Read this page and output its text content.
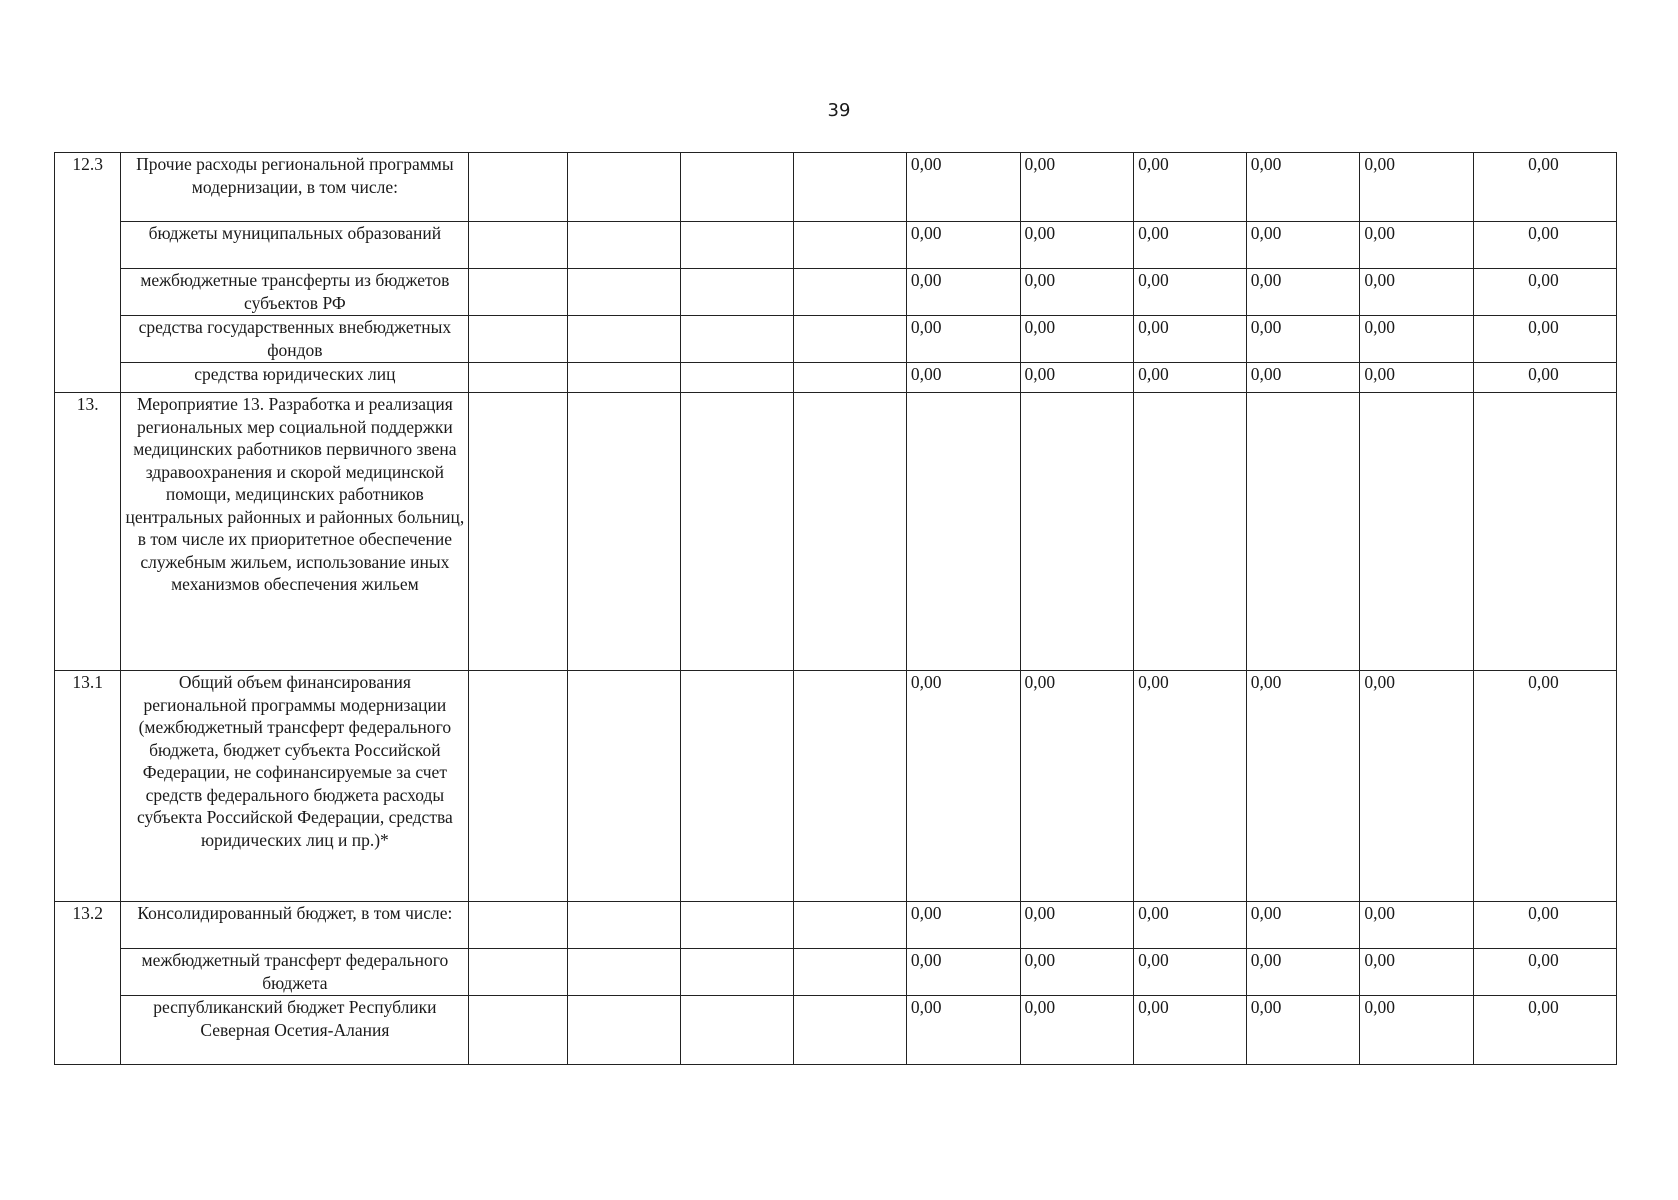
39
12.3	Прочие расходы региональной программы модернизации, в том числе:					0,00	0,00	0,00	0,00	0,00	0,00
	бюджеты муниципальных образований					0,00	0,00	0,00	0,00	0,00	0,00
	межбюджетные трансферты из бюджетов субъектов РФ					0,00	0,00	0,00	0,00	0,00	0,00
	средства государственных внебюджетных фондов					0,00	0,00	0,00	0,00	0,00	0,00
	средства юридических лиц					0,00	0,00	0,00	0,00	0,00	0,00
13.	Мероприятие 13. Разработка и реализация региональных мер социальной поддержки медицинских работников первичного звена здравоохранения и скорой медицинской помощи, медицинских работников центральных районных и районных больниц, в том числе их приоритетное обеспечение служебным жильем, использование иных механизмов обеспечения жильем										
13.1	Общий объем финансирования региональной программы модернизации (межбюджетный трансферт федерального бюджета, бюджет субъекта Российской Федерации, не софинансируемые за счет средств федерального бюджета расходы субъекта Российской Федерации, средства юридических лиц и пр.)*					0,00	0,00	0,00	0,00	0,00	0,00
13.2	Консолидированный бюджет, в том числе:					0,00	0,00	0,00	0,00	0,00	0,00
	межбюджетный трансферт федерального бюджета					0,00	0,00	0,00	0,00	0,00	0,00
	республиканский бюджет Республики Северная Осетия-Алания					0,00	0,00	0,00	0,00	0,00	0,00
